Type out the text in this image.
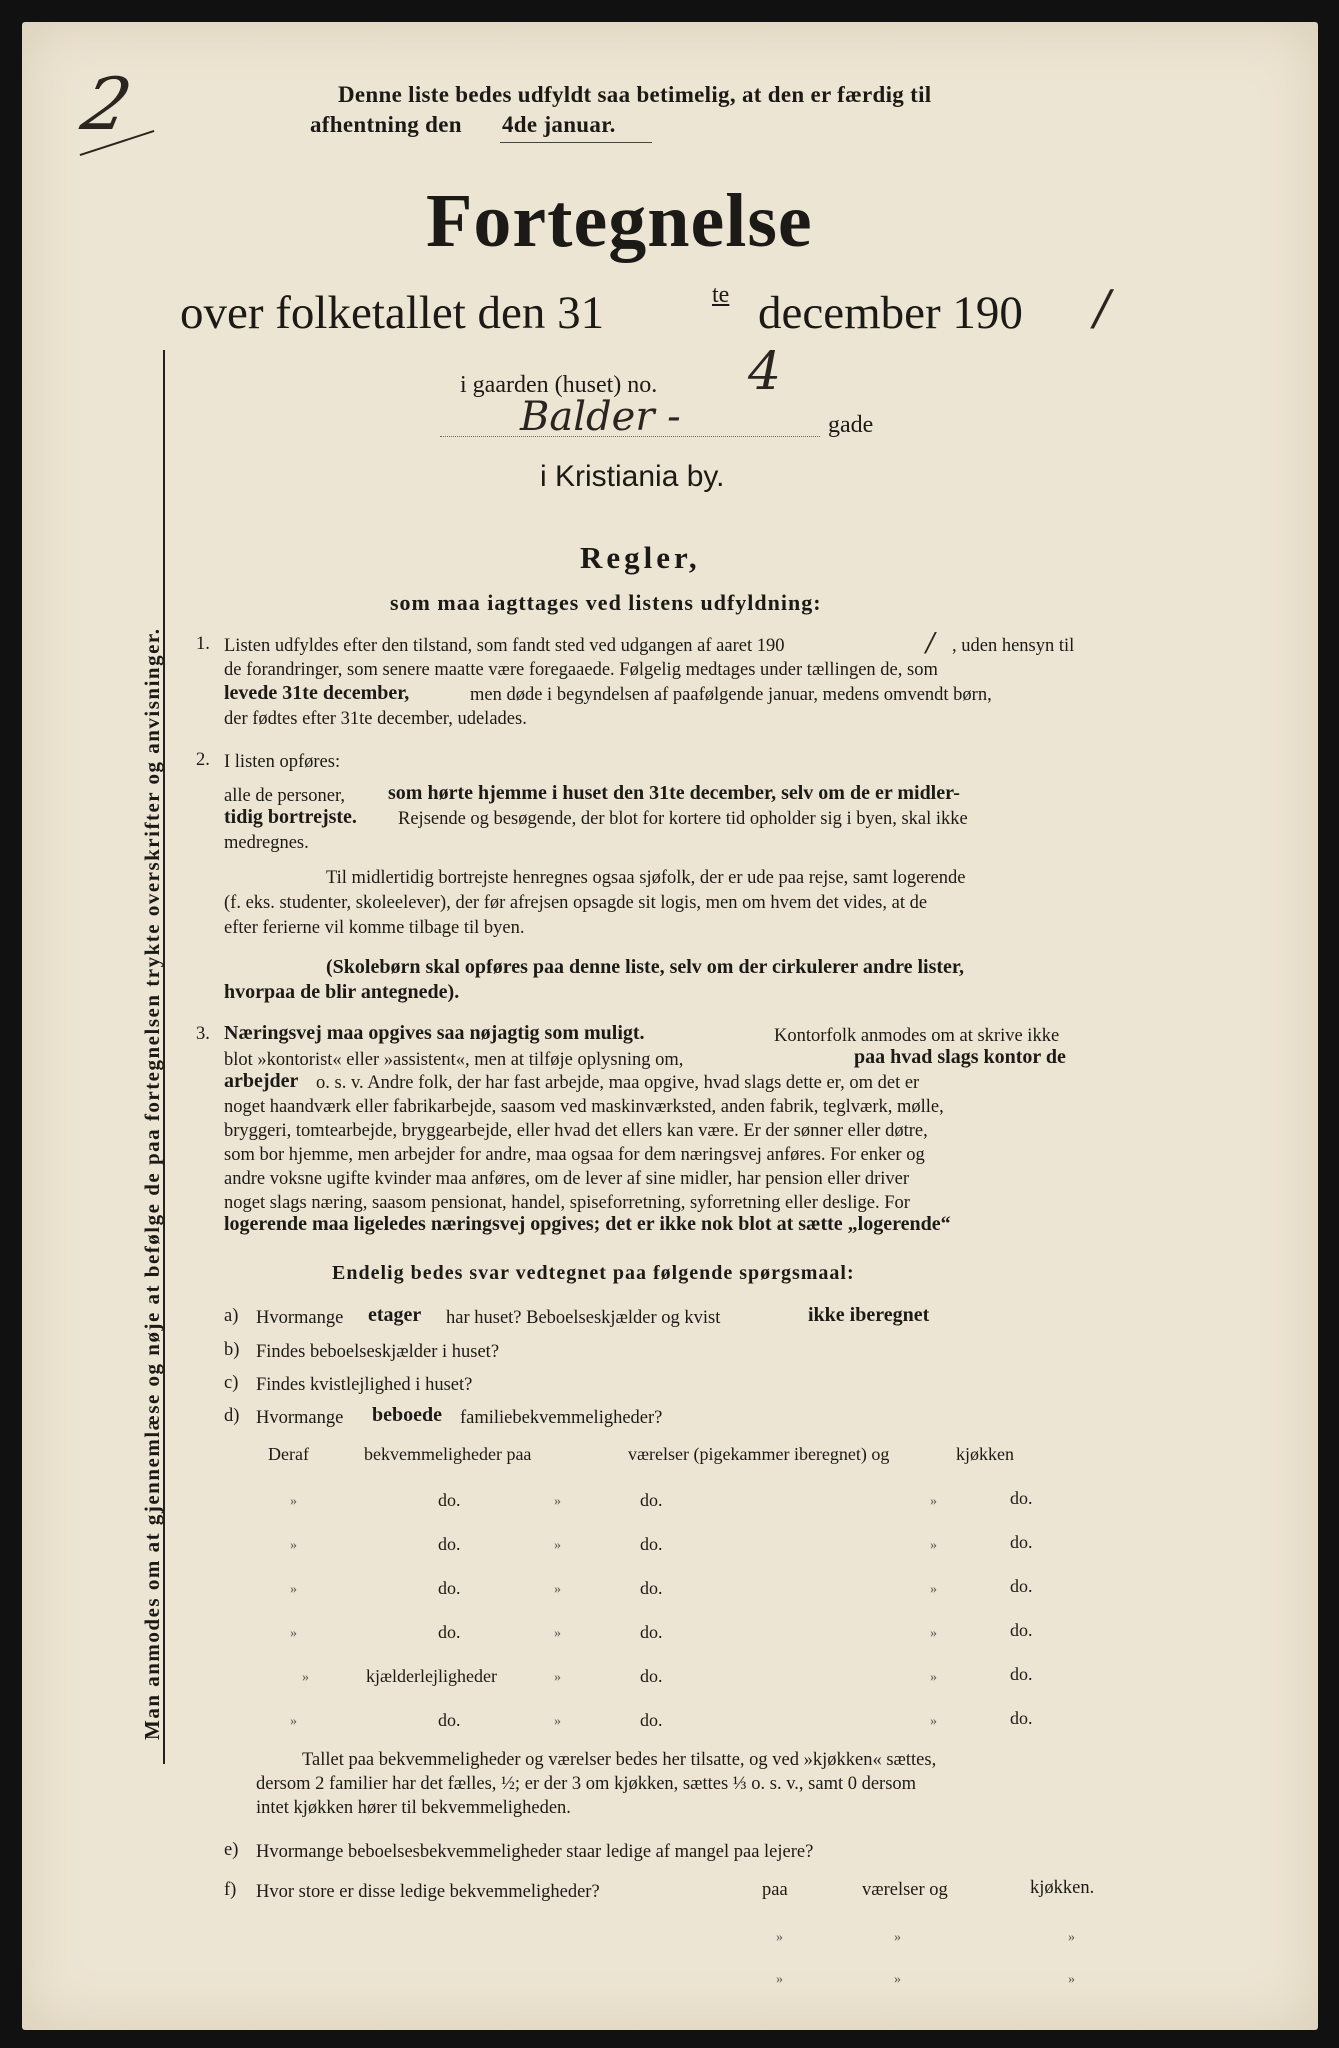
2	Denne liste bedes udfyldt saa betimelig, at den er færdig til
afhentning den 4de januar.
Fortegnelse
over folketallet den 31	te december 190 /
i gaarden (huset) no. 4
Balder -	gade
i Kristiania by.
Man anmodes om at gjennemlæse og nøje at befølge de paa fortegnelsen trykte overskrifter og anvisninger.
Regler,
som maa iagttages ved listens udfyldning:
1. Listen udfyldes efter den tilstand, som fandt sted ved udgangen af aaret 190	/ , uden hensyn til
de forandringer, som senere maatte være foregaaede. Følgelig medtages under tællingen de, som
levede 31te december,	men døde i begyndelsen af paafølgende januar, medens omvendt børn,
der fødtes efter 31te december, udelades.
2. I listen opføres:
alle de personer, som hørte hjemme i huset den 31te december, selv om de er midler-
tidig bortrejste. Rejsende og besøgende, der blot for kortere tid opholder sig i byen, skal ikke
medregnes.
Til midlertidig bortrejste henregnes ogsaa sjøfolk, der er ude paa rejse, samt logerende
(f. eks. studenter, skoleelever), der før afrejsen opsagde sit logis, men om hvem det vides, at de
efter ferierne vil komme tilbage til byen.
(Skolebørn skal opføres paa denne liste, selv om der cirkulerer andre lister,
hvorpaa de blir antegnede).
3. Næringsvej maa opgives saa nøjagtig som muligt.	Kontorfolk anmodes om at skrive ikke
blot »kontorist« eller »assistent«, men at tilføje oplysning om,	paa hvad slags kontor de
arbejder o. s. v. Andre folk, der har fast arbejde, maa opgive, hvad slags dette er, om det er
noget haandværk eller fabrikarbejde, saasom ved maskinværksted, anden fabrik, teglværk, mølle,
bryggeri, tomtearbejde, bryggearbejde, eller hvad det ellers kan være. Er der sønner eller døtre,
som bor hjemme, men arbejder for andre, maa ogsaa for dem næringsvej anføres. For enker og
andre voksne ugifte kvinder maa anføres, om de lever af sine midler, har pension eller driver
noget slags næring, saasom pensionat, handel, spiseforretning, syforretning eller deslige. For
logerende maa ligeledes næringsvej opgives; det er ikke nok blot at sætte „logerende“
Endelig bedes svar vedtegnet paa følgende spørgsmaal:
a) Hvormange etager har huset? Beboelseskjælder og kvist	ikke iberegnet
b) Findes beboelseskjælder i huset?
c) Findes kvistlejlighed i huset?
d) Hvormange beboede familiebekvemmeligheder?
Deraf	bekvemmeligheder paa	værelser (pigekammer iberegnet) og	kjøkken
»	do.	»	do.	»	do.
»	do.	»	do.	»	do.
»	do.	»	do.	»	do.
»	do.	»	do.	»	do.
»	kjælderlejligheder	»	do.	»	do.
»	do.	»	do.	»	do.
Tallet paa bekvemmeligheder og værelser bedes her tilsatte, og ved »kjøkken« sættes,
dersom 2 familier har det fælles, ½; er der 3 om kjøkken, sættes ⅓ o. s. v., samt 0 dersom
intet kjøkken hører til bekvemmeligheden.
e) Hvormange beboelsesbekvemmeligheder staar ledige af mangel paa lejere?
f) Hvor store er disse ledige bekvemmeligheder?	paa	værelser og	kjøkken.
»	»	»
»	»	»
